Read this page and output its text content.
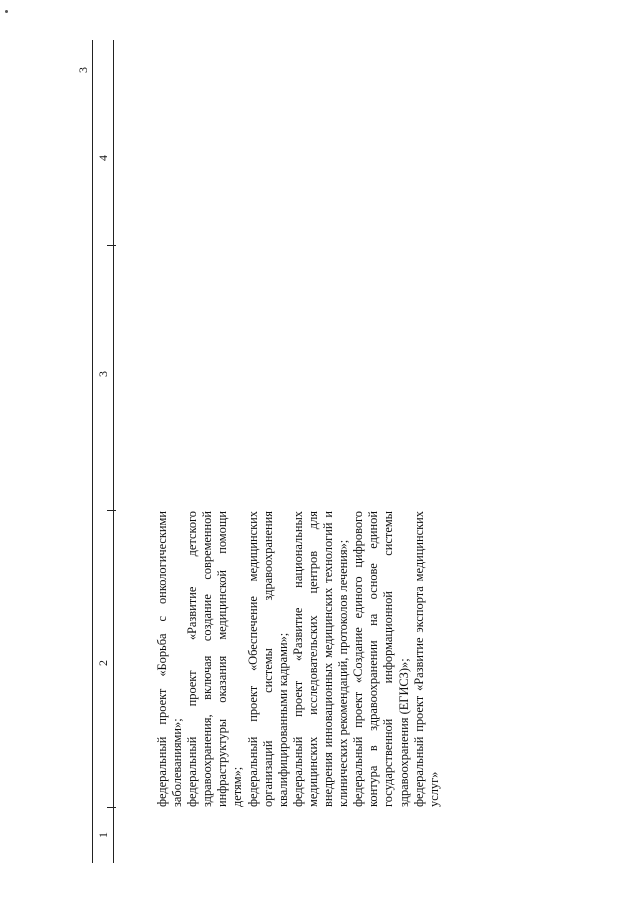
3
1
2
3
4

федеральный проект «Борьба с онкологическими заболеваниями»; федеральный проект «Развитие детского здравоохранения, включая создание современной инфраструктуры оказания медицинской помощи детям»; федеральный проект «Обеспечение медицинских организаций системы здравоохранения квалифицированными кадрами»; федеральный проект «Развитие национальных медицинских исследовательских центров для внедрения инновационных медицинских технологий и клинических рекомендаций, протоколов лечения»; федеральный проект «Создание единого цифрового контура в здравоохранении на основе единой государственной информационной системы здравоохранения (ЕГИСЗ)»; федеральный проект «Развитие экспорта медицинских услуг»
